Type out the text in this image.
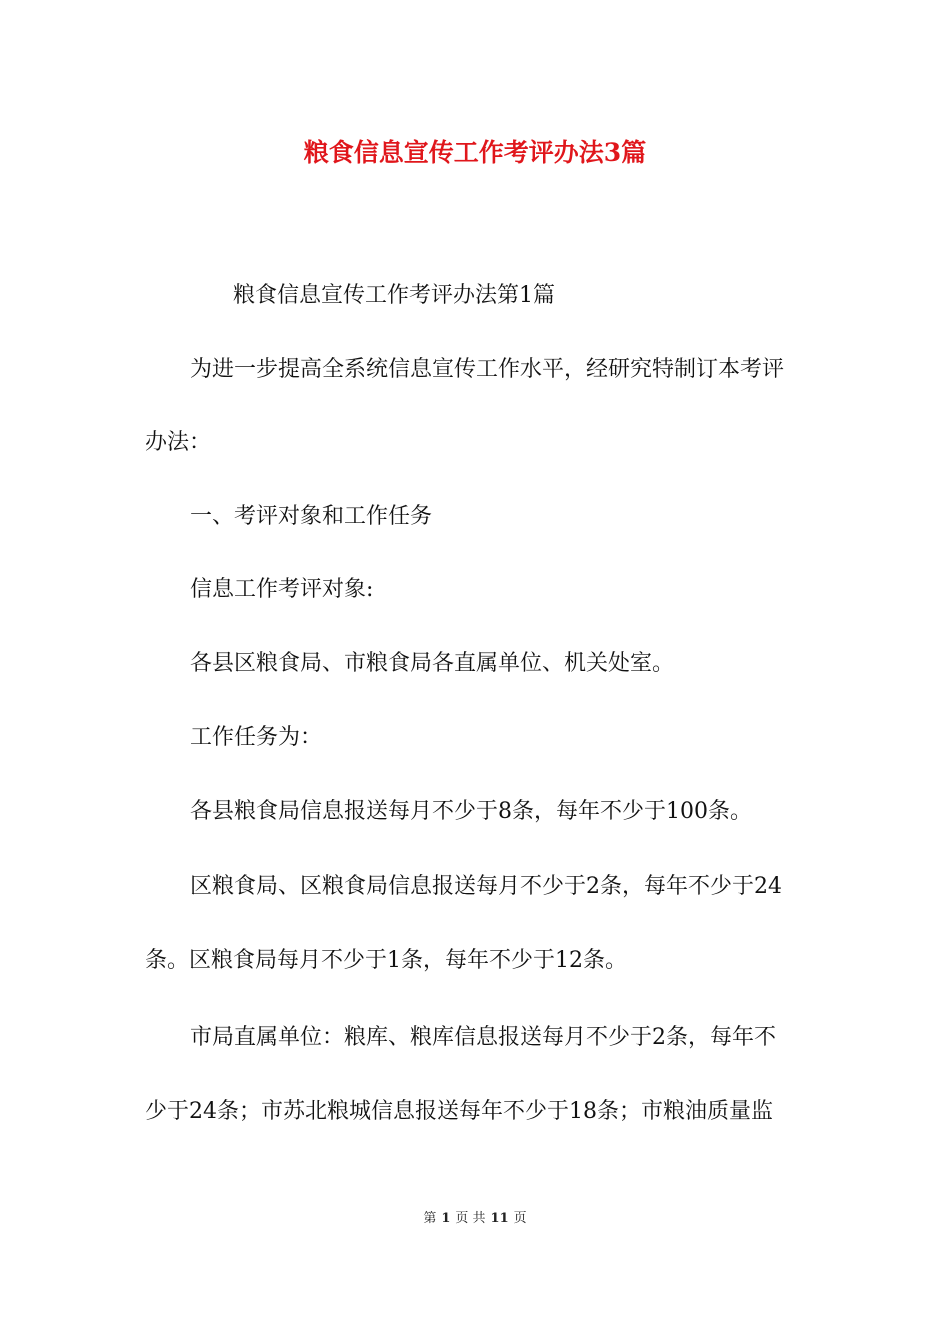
粮食信息宣传工作考评办法3篇
粮食信息宣传工作考评办法第1篇
为进一步提高全系统信息宣传工作水平，经研究特制订本考评
办法：
一、考评对象和工作任务
信息工作考评对象:
各县区粮食局、市粮食局各直属单位、机关处室。
工作任务为：
各县粮食局信息报送每月不少于8条，每年不少于100条。
区粮食局、区粮食局信息报送每月不少于2条，每年不少于24
条。区粮食局每月不少于1条，每年不少于12条。
市局直属单位：粮库、粮库信息报送每月不少于2条，每年不
少于24条；市苏北粮城信息报送每年不少于18条；市粮油质量监
第 1 页 共 11 页
